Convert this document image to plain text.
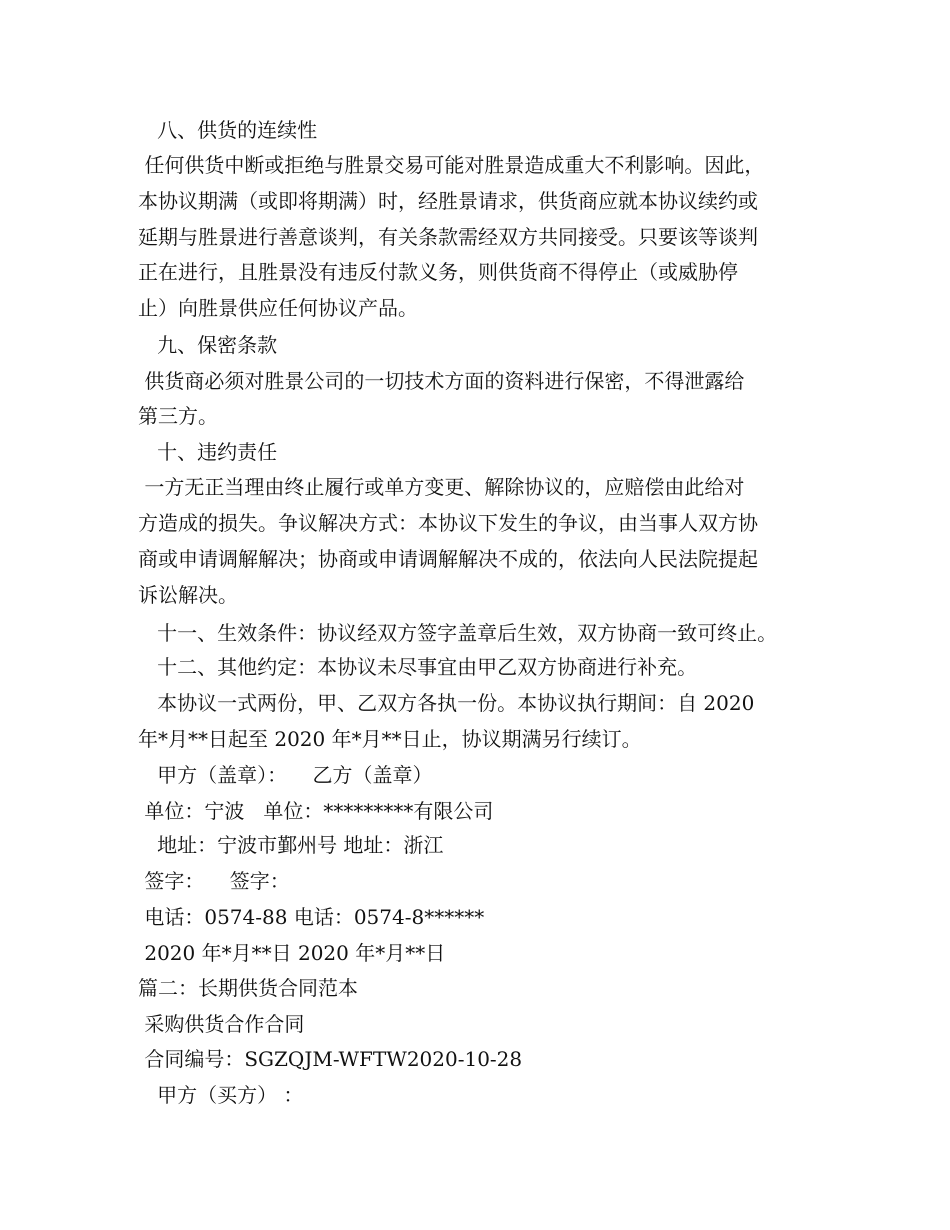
八、供货的连续性

任何供货中断或拒绝与胜景交易可能对胜景造成重大不利影响。因此，

本协议期满（或即将期满）时，经胜景请求，供货商应就本协议续约或

延期与胜景进行善意谈判，有关条款需经双方共同接受。只要该等谈判

正在进行，且胜景没有违反付款义务，则供货商不得停止（或威胁停

止）向胜景供应任何协议产品。

九、保密条款

供货商必须对胜景公司的一切技术方面的资料进行保密，不得泄露给

第三方。

十、违约责任

一方无正当理由终止履行或单方变更、解除协议的，应赔偿由此给对

方造成的损失。争议解决方式：本协议下发生的争议，由当事人双方协

商或申请调解解决；协商或申请调解解决不成的，依法向人民法院提起

诉讼解决。

十一、生效条件：协议经双方签字盖章后生效，双方协商一致可终止。

十二、其他约定：本协议未尽事宜由甲乙双方协商进行补充。

本协议一式两份，甲、乙双方各执一份。本协议执行期间：自 2020

年*月**日起至 2020 年*月**日止，协议期满另行续订。

甲方（盖章）：    乙方（盖章）

单位：宁波   单位：*********有限公司

地址：宁波市鄞州号 地址：浙江

签字：    签字：

电话：0574-88 电话：0574-8******

2020 年*月**日 2020 年*月**日

篇二：长期供货合同范本

采购供货合作合同

合同编号：SGZQJM-WFTW2020-10-28

甲方（买方） ：
